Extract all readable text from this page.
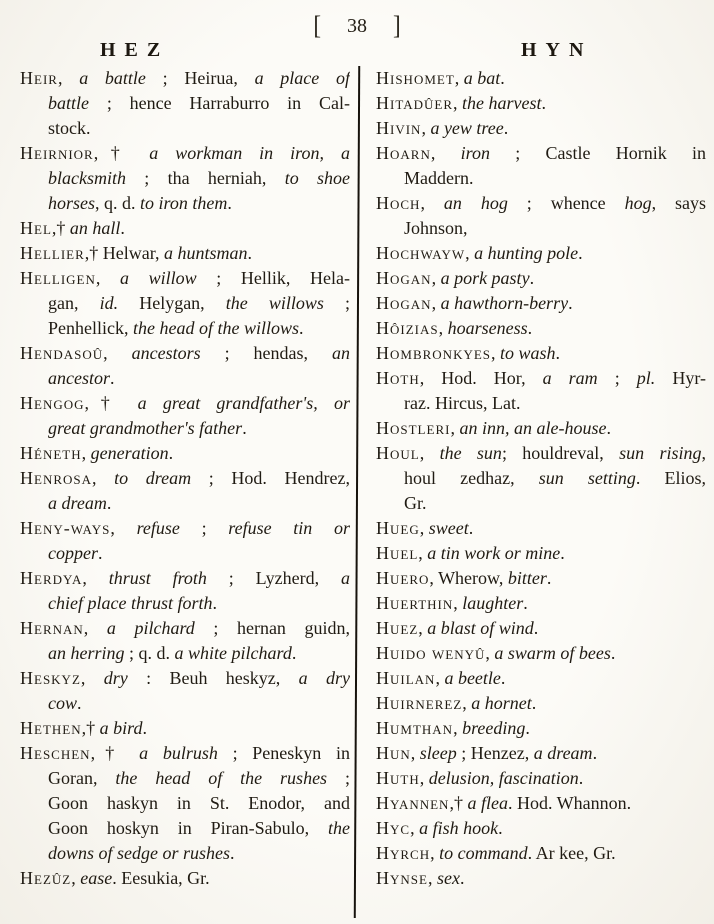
[ 38 ]
HEZ	HYN
Heir, a battle ; Heirua, a place of
battle ; hence Harraburro in Cal-
stock.
Heirnior,† a workman in iron, a
blacksmith ; tha herniah, to shoe
horses, q. d. to iron them.
Hel,† an hall.
Hellier,† Helwar, a huntsman.
Helligen, a willow ; Hellik, Hela-
gan, id. Helygan, the willows ;
Penhellick, the head of the willows.
Hendasoû, ancestors ; hendas, an
ancestor.
Hengog,† a great grandfather's, or
great grandmother's father.
Héneth, generation.
Henrosa, to dream ; Hod. Hendrez,
a dream.
Heny-ways, refuse ; refuse tin or
copper.
Herdya, thrust froth ; Lyzherd, a
chief place thrust forth.
Hernan, a pilchard ; hernan guidn,
an herring ; q. d. a white pilchard.
Heskyz, dry : Beuh heskyz, a dry
cow.
Hethen,† a bird.
Heschen,† a bulrush ; Peneskyn in
Goran, the head of the rushes ;
Goon haskyn in St. Enodor, and
Goon hoskyn in Piran-Sabulo, the
downs of sedge or rushes.
Hezûz, ease. Eesukia, Gr.
Hishomet, a bat.
Hitadûer, the harvest.
Hivin, a yew tree.
Hoarn, iron ; Castle Hornik in
Maddern.
Hoch, an hog ; whence hog, says
Johnson,
Hochwayw, a hunting pole.
Hogan, a pork pasty.
Hogan, a hawthorn-berry.
Hôizias, hoarseness.
Hombronkyes, to wash.
Hoth, Hod. Hor, a ram ; pl. Hyr-
raz. Hircus, Lat.
Hostleri, an inn, an ale-house.
Houl, the sun; houldreval, sun rising,
houl zedhaz, sun setting. Elios,
Gr.
Hueg, sweet.
Huel, a tin work or mine.
Huero, Wherow, bitter.
Huerthin, laughter.
Huez, a blast of wind.
Huido wenyû, a swarm of bees.
Huilan, a beetle.
Huirnerez, a hornet.
Humthan, breeding.
Hun, sleep ; Henzez, a dream.
Huth, delusion, fascination.
Hyannen,† a flea. Hod. Whannon.
Hyc, a fish hook.
Hyrch, to command. Ar kee, Gr.
Hynse, sex.
